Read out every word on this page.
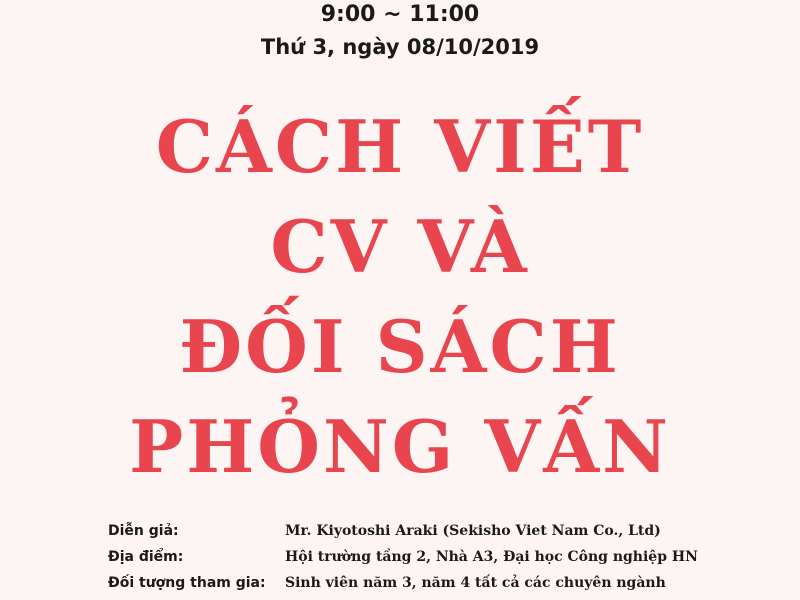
9:00 ~ 11:00
Thứ 3, ngày 08/10/2019
CÁCH VIẾT
CV VÀ
ĐỐI SÁCH
PHỎNG VẤN
Diễn giả:	Mr. Kiyotoshi Araki (Sekisho Viet Nam Co., Ltd)
Địa điểm:	Hội trường tầng 2, Nhà A3, Đại học Công nghiệp HN
Đối tượng tham gia: Sinh viên năm 3, năm 4 tất cả các chuyên ngành
